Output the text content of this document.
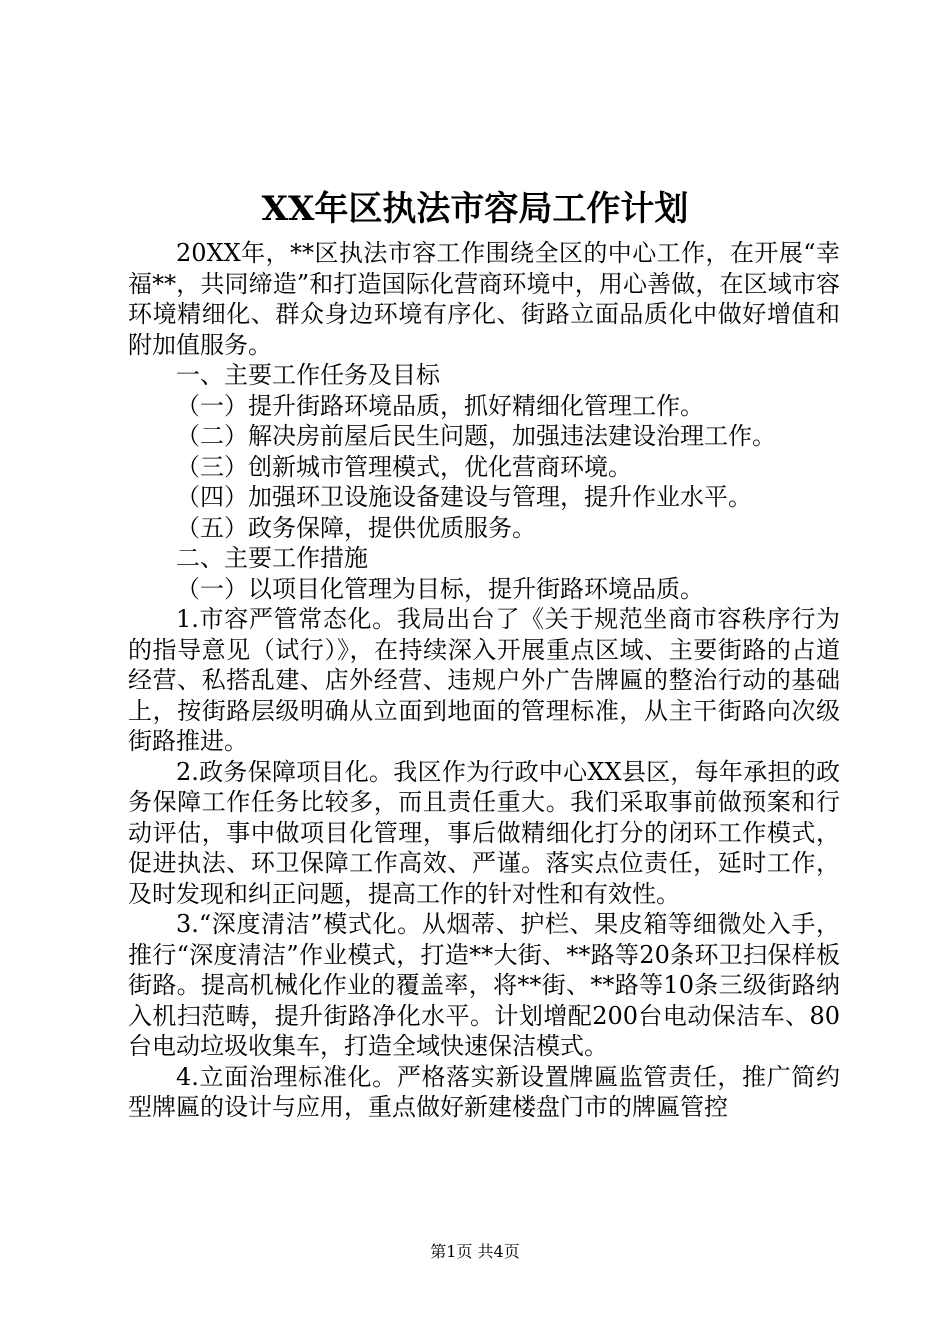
XX年区执法市容局工作计划

20XX年，**区执法市容工作围绕全区的中心工作，在开展“幸福**，共同缔造”和打造国际化营商环境中，用心善做，在区域市容环境精细化、群众身边环境有序化、街路立面品质化中做好增值和附加值服务。

一、主要工作任务及目标

（一）提升街路环境品质，抓好精细化管理工作。

（二）解决房前屋后民生问题，加强违法建设治理工作。

（三）创新城市管理模式，优化营商环境。

（四）加强环卫设施设备建设与管理，提升作业水平。

（五）政务保障，提供优质服务。

二、主要工作措施

（一）以项目化管理为目标，提升街路环境品质。

1.市容严管常态化。我局出台了《关于规范坐商市容秩序行为的指导意见（试行）》，在持续深入开展重点区域、主要街路的占道经营、私搭乱建、店外经营、违规户外广告牌匾的整治行动的基础上，按街路层级明确从立面到地面的管理标准，从主干街路向次级街路推进。

2.政务保障项目化。我区作为行政中心XX县区，每年承担的政务保障工作任务比较多，而且责任重大。我们采取事前做预案和行动评估，事中做项目化管理，事后做精细化打分的闭环工作模式，促进执法、环卫保障工作高效、严谨。落实点位责任，延时工作，及时发现和纠正问题，提高工作的针对性和有效性。

3.“深度清洁”模式化。从烟蒂、护栏、果皮箱等细微处入手，推行“深度清洁”作业模式，打造**大街、**路等20条环卫扫保样板街路。提高机械化作业的覆盖率，将**街、**路等10条三级街路纳入机扫范畴，提升街路净化水平。计划增配200台电动保洁车、80台电动垃圾收集车，打造全域快速保洁模式。

4.立面治理标准化。严格落实新设置牌匾监管责任，推广简约型牌匾的设计与应用，重点做好新建楼盘门市的牌匾管控

第1页 共4页
